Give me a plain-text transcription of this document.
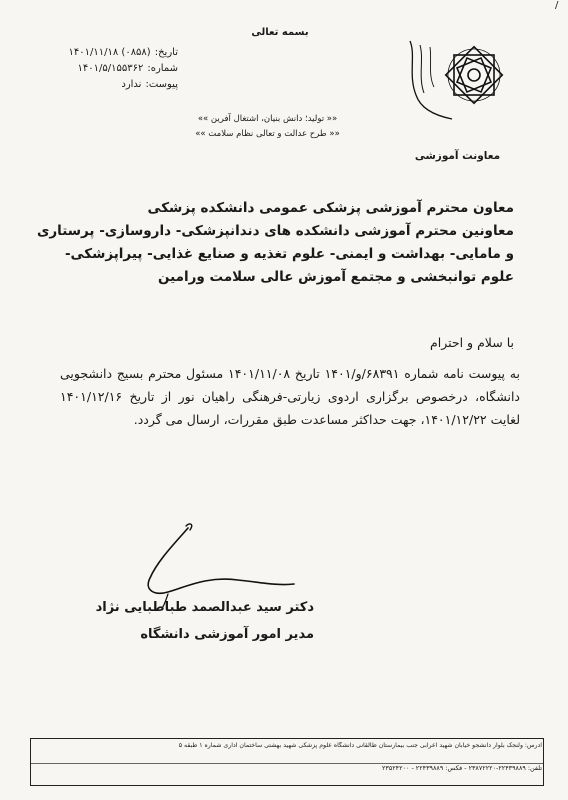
/
بسمه تعالی
تاریخ:
۱۴۰۱/۱۱/۱۸ (۰۸۵۸)
شماره:
۱۴۰۱/۵/۱۵۵۳۶۲
پیوست:
ندارد
«« تولید؛ دانش بنیان، اشتغال آفرین »»
«« طرح عدالت و تعالی نظام سلامت »»
معاونت آموزشی
معاون محترم آموزشی پزشکی عمومی دانشکده پزشکی
معاونین محترم آموزشی دانشکده های دندانپزشکی- داروسازی- پرستاری و مامایی- بهداشت و ایمنی- علوم تغذیه و صنایع غذایی- پیراپزشکی- علوم توانبخشی و مجتمع آموزش عالی سلامت ورامین
با سلام و احترام
به پیوست نامه شماره ۶۸۳۹۱/و/۱۴۰۱ تاریخ ۱۴۰۱/۱۱/۰۸ مسئول محترم بسیج دانشجویی دانشگاه، درخصوص برگزاری اردوی زیارتی-فرهنگی راهیان نور از تاریخ ۱۴۰۱/۱۲/۱۶ لغایت ۱۴۰۱/۱۲/۲۲، جهت حداکثر مساعدت طبق مقررات، ارسال می گردد.
دکتر سید عبدالصمد طباطبایی نژاد
مدیر امور آموزشی دانشگاه
آدرس: ولنجک بلوار دانشجو خیابان شهید اعرابی جنب بیمارستان طالقانی دانشگاه علوم پزشکی شهید بهشتی ساختمان اداری شماره ۱ طبقه ۵
تلفن: ۲۲۴۳۹۸۸۹-۲۳۸۷۲۲۲۰ - فکس: ۲۲۴۳۹۸۸۹ - ۲۳۵۲۴۲۰۰
